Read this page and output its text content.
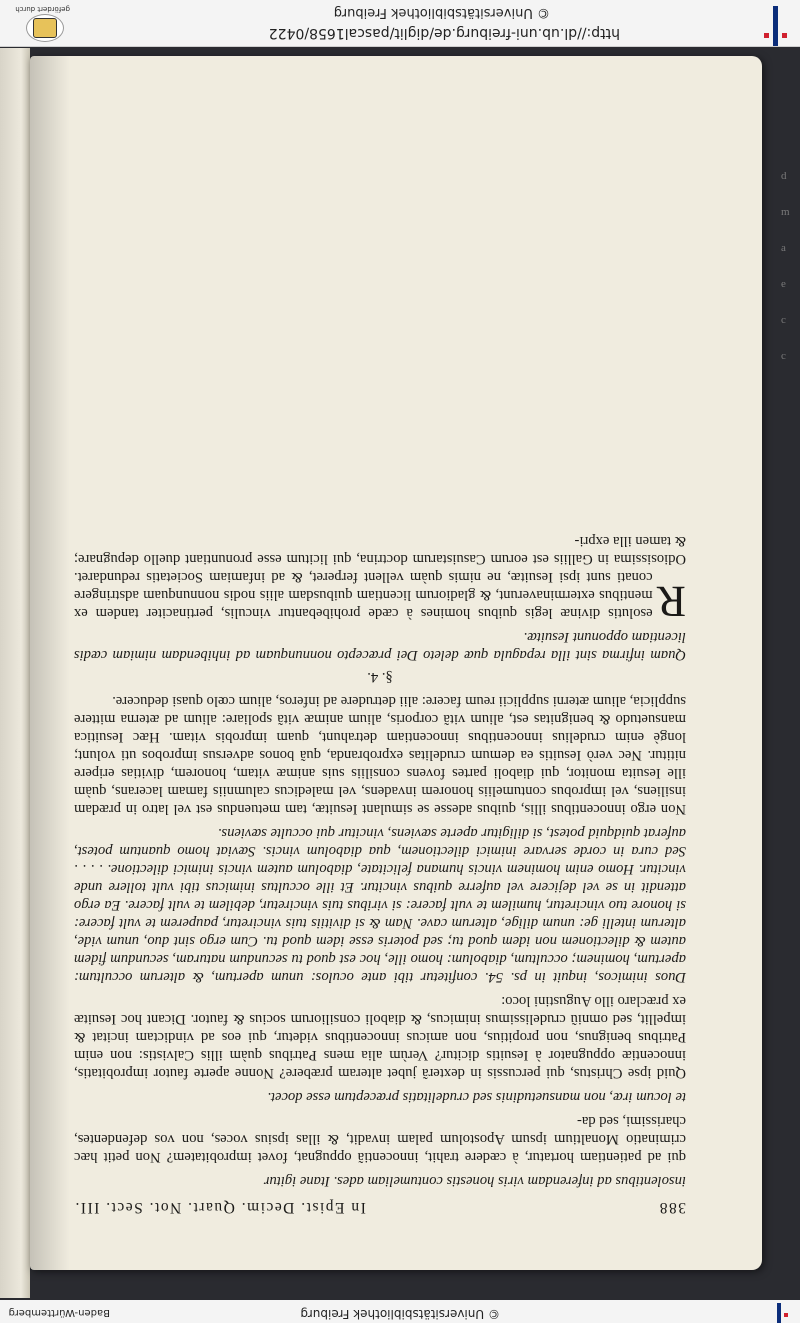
http://dl.ub.uni-freiburg.de/diglit/pascal1658/0422
© Universitätsbibliothek Freiburg
gefördert durch
d
m
a
e
c
c
388
In Epist. Decim. Quart. Not. Sect. III.

insolentibus ad inferendam viris honestis contumeliam ades. Itane igitur

qui ad patientiam hortatur, à cædere trahit, innocentiã oppugnat, fovet improbitatem? Non petit hæc criminatio Monaltium ipsum Apostolum palam invadit, & illas ipsius voces, non vos defendentes, charissimi, sed da-

te locum iræ, non mansuetudinis sed crudelitatis præceptum esse docet.

Quid ipse Christus, qui percussis in dexterã jubet alteram præbere? Nonne aperte fautor improbitatis, innocentiæ oppugnator à Iesuitis dicitur? Verùm alia mens Patribus quàm illis Calvistis: non enim Patribus benignus, non propitius, non amicus innocentibus videtur, qui eos ad vindictam incitat & impellit, sed omniũ crudelissimus inimicus, & diaboli consiliorum socius & fautor. Dicant hoc Iesuitæ ex præclaro illo Augustini loco:

Duos inimicos, inquit in ps. 54. confitetur tibi ante oculos: unum apertum, & alterum occultum: apertum, hominem; occultum, diabolum: homo ille, hoc est quod tu secundum naturam, secundum fidem autem & dilectionem non idem quod tu; sed poteris esse idem quod tu. Cum ergo sint duo, unum vide, alterum intelli ge: unum dilige, alterum cave. Nam & si divitiis tuis vinciretur, pauperem te vult facere: si honore tuo vinciretur, humilem te vult facere: si viribus tuis vinciretur, debilem te vult facere. Ea ergo attendit in se vel dejicere vel auferre quibus vincitur. Et ille occultus inimicus tibi vult tollere unde vincitur. Homo enim hominem vincis humana felicitate, diabolum autem vincis inimici dilectione. . . . . Sed cura in corde servare inimici dilectionem, qua diabolum vincis. Sæviat homo quantum potest, auferat quidquid potest, si diligitur aperte sæviens, vincitur qui occulte sæviens.

Non ergo innocentibus illis, quibus adesse se simulant Iesuitæ, tam metuendus est vel latro in prædam insiliens, vel improbus contumeliis honorem invadens, vel maledicus calumniis famam lacerans, quàm ille Iesuita monitor, qui diaboli partes fovens consiliis suis animæ vitam, honorem, divitias eripere nititur. Nec verò Iesuitis ea demum crudelitas exprobranda, quã bonos adversus improbos uti volunt; longè enim crudelius innocentibus innocentiam detrahunt, quam improbis vitam. Hæc Iesuitica mansuetudo & benignitas est, alium vitã corporis, alium animæ vitã spoliare: alium ad æterna mittere supplicia, alium æterni supplicii reum facere: alii detrudere ad inferos, alium cœlo quasi deducere.

§. 4.

Quam infirma sint illa repagula quæ deleto Dei præcepto nonnunquam ad inhibendam nimiam cædis licentiam opponunt Iesuitæ.

R
esolutis divinæ legis quibus homines à cæde prohibebantur vinculis, pertinaciter tandem ex mentibus exterminaverunt, & gladiorum licentiam quibusdam aliis nodis nonnunquam adstringere conati sunt ipsi Iesuitæ, ne nimis quàm vellent ferperet, & ad infamiam Societatis redundaret. Odiosissima in Galliis est eorum Casuistarum doctrina, qui licitum esse pronuntiant duello depugnare; & tamen illa expri-

© Universitätsbibliothek Freiburg
Baden-Württemberg
